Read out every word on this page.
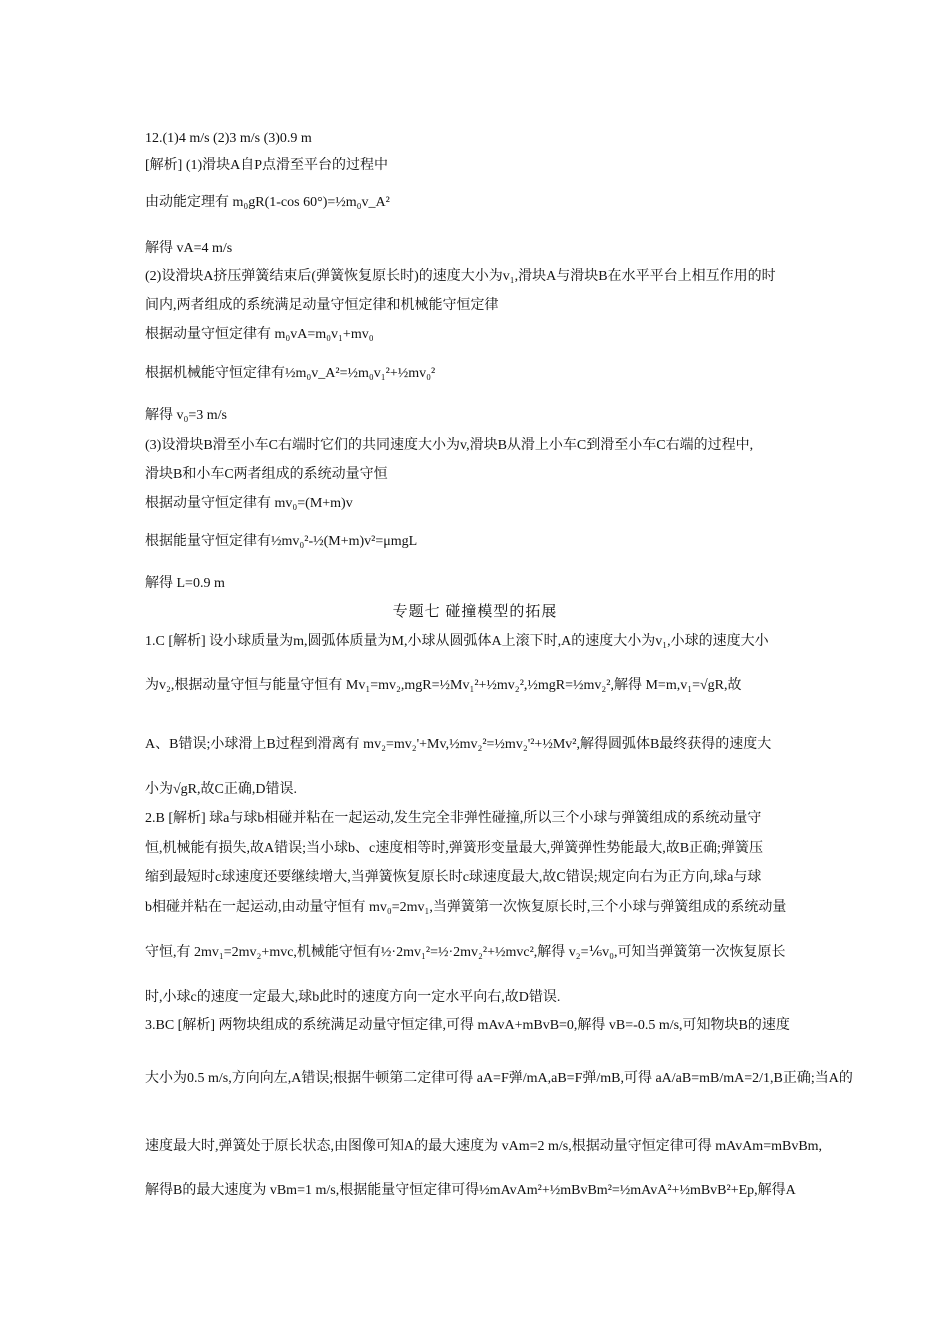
12.(1)4 m/s (2)3 m/s (3)0.9 m
[解析] (1)滑块A自P点滑至平台的过程中
由动能定理有 m₀gR(1-cos 60°)=½m₀v_A²
解得 vA=4 m/s
(2)设滑块A挤压弹簧结束后(弹簧恢复原长时)的速度大小为v₁,滑块A与滑块B在水平平台上相互作用的时
间内,两者组成的系统满足动量守恒定律和机械能守恒定律
根据动量守恒定律有 m₀vA=m₀v₁+mv₀
根据机械能守恒定律有½m₀v_A²=½m₀v₁²+½mv₀²
解得 v₀=3 m/s
(3)设滑块B滑至小车C右端时它们的共同速度大小为v,滑块B从滑上小车C到滑至小车C右端的过程中,
滑块B和小车C两者组成的系统动量守恒
根据动量守恒定律有 mv₀=(M+m)v
根据能量守恒定律有½mv₀²-½(M+m)v²=μmgL
解得 L=0.9 m
专题七 碰撞模型的拓展
1.C [解析] 设小球质量为m,圆弧体质量为M,小球从圆弧体A上滚下时,A的速度大小为v₁,小球的速度大小
为v₂,根据动量守恒与能量守恒有 Mv₁=mv₂,mgR=½Mv₁²+½mv₂²,½mgR=½mv₂²,解得 M=m,v₁=√gR,故
A、B错误;小球滑上B过程到滑离有 mv₂=mv₂'+Mv,½mv₂²=½mv₂'²+½Mv²,解得圆弧体B最终获得的速度大
小为√gR,故C正确,D错误.
2.B [解析] 球a与球b相碰并粘在一起运动,发生完全非弹性碰撞,所以三个小球与弹簧组成的系统动量守
恒,机械能有损失,故A错误;当小球b、c速度相等时,弹簧形变量最大,弹簧弹性势能最大,故B正确;弹簧压
缩到最短时c球速度还要继续增大,当弹簧恢复原长时c球速度最大,故C错误;规定向右为正方向,球a与球
b相碰并粘在一起运动,由动量守恒有 mv₀=2mv₁,当弹簧第一次恢复原长时,三个小球与弹簧组成的系统动量
守恒,有 2mv₁=2mv₂+mvc,机械能守恒有½·2mv₁²=½·2mv₂²+½mvc²,解得 v₂=⅙v₀,可知当弹簧第一次恢复原长
时,小球c的速度一定最大,球b此时的速度方向一定水平向右,故D错误.
3.BC [解析] 两物块组成的系统满足动量守恒定律,可得 mAvA+mBvB=0,解得 vB=-0.5 m/s,可知物块B的速度
大小为0.5 m/s,方向向左,A错误;根据牛顿第二定律可得 aA=F弹/mA,aB=F弹/mB,可得 aA/aB=mB/mA=2/1,B正确;当A的
速度最大时,弹簧处于原长状态,由图像可知A的最大速度为 vAm=2 m/s,根据动量守恒定律可得 mAvAm=mBvBm,
解得B的最大速度为 vBm=1 m/s,根据能量守恒定律可得½mAvAm²+½mBvBm²=½mAvA²+½mBvB²+Ep,解得A
